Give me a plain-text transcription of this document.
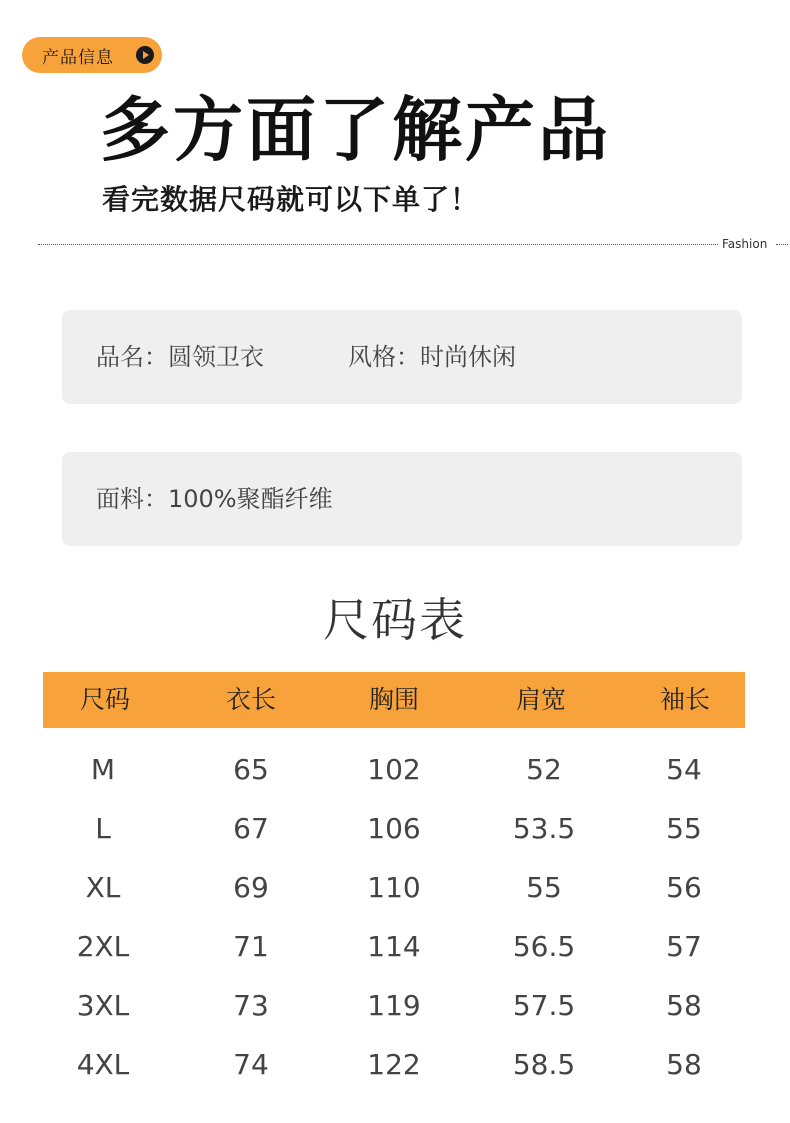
产品信息
多方面了解产品
看完数据尺码就可以下单了！
Fashion
品名：圆领卫衣	风格：时尚休闲
面料：100%聚酯纤维
尺码表
尺码	衣长	胸围	肩宽	袖长
M	65	102	52	54
L	67	106	53.5	55
XL	69	110	55	56
2XL	71	114	56.5	57
3XL	73	119	57.5	58
4XL	74	122	58.5	58
